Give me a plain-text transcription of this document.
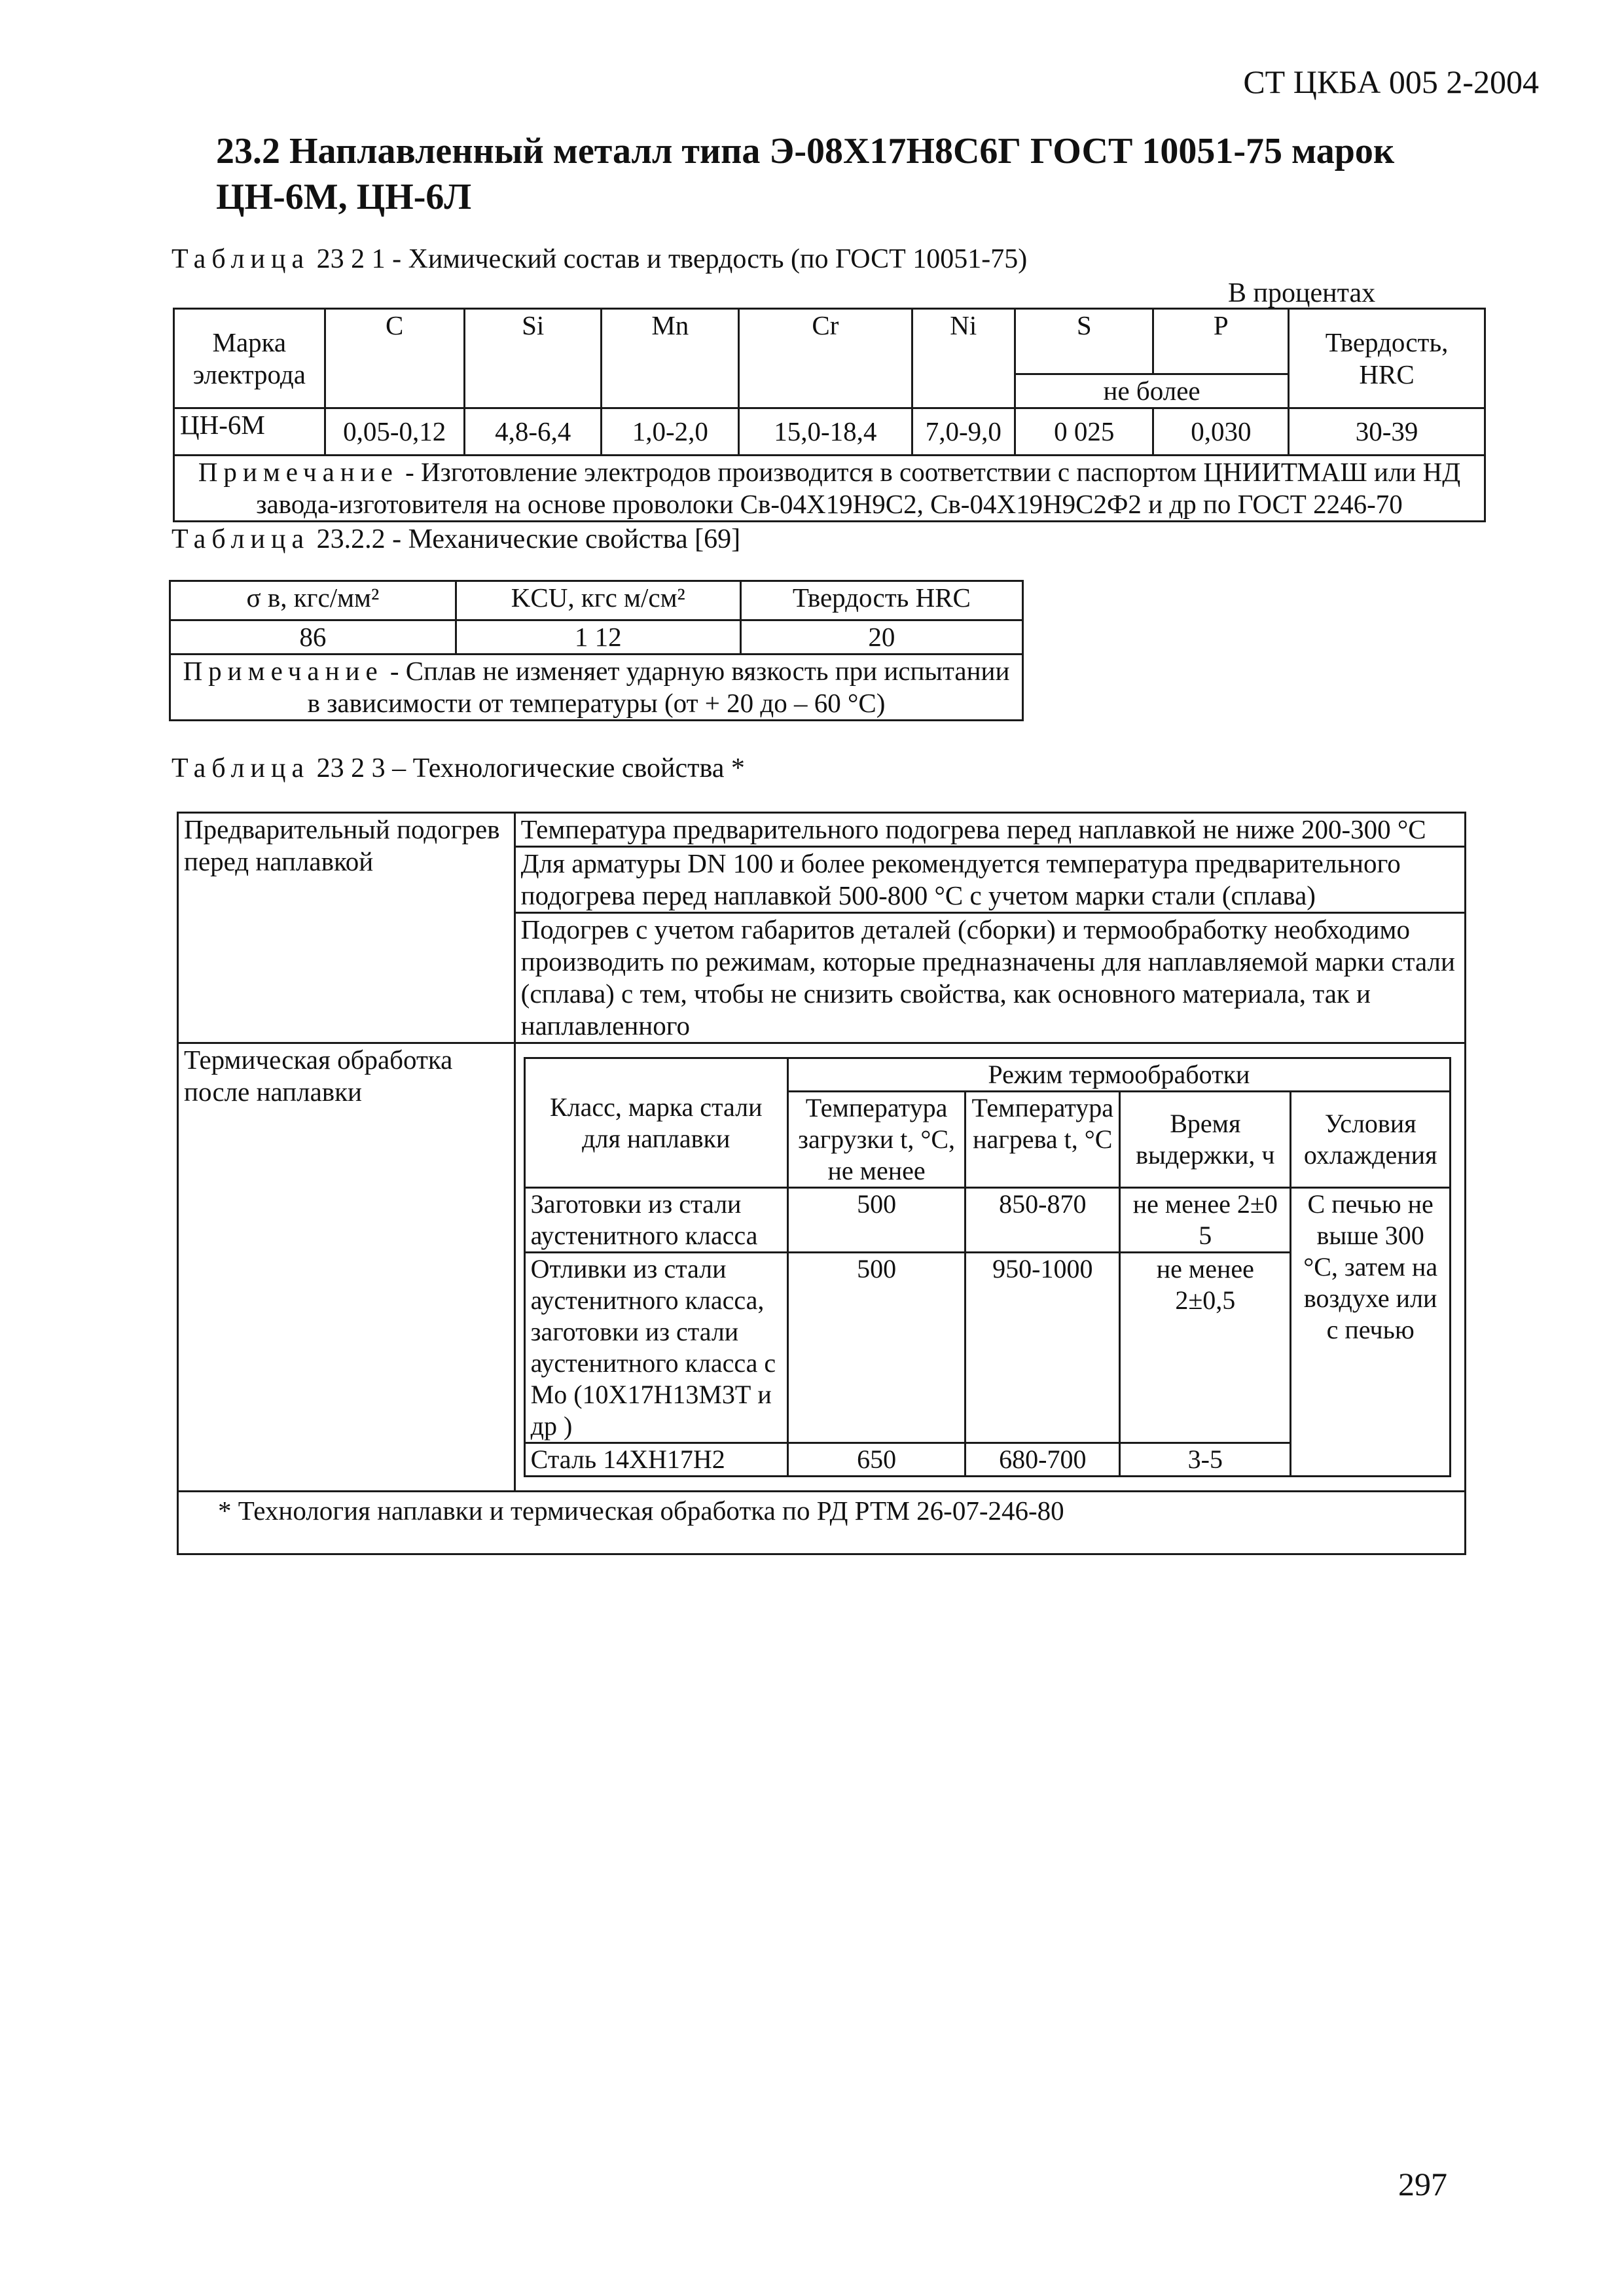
СТ ЦКБА 005 2-2004
23.2 Наплавленный металл типа Э-08Х17Н8С6Г ГОСТ 10051-75 марок ЦН-6М, ЦН-6Л
Таблица 23 2 1 - Химический состав и твердость (по ГОСТ 10051-75)
В процентах
Марка электрода	C	Si	Mn	Cr	Ni	S	P	Твердость, HRC
						не более		
ЦН-6М	0,05-0,12	4,8-6,4	1,0-2,0	15,0-18,4	7,0-9,0	0 025	0,030	30-39
Примечание - Изготовление электродов производится в соответствии с паспортом ЦНИИТМАШ или НД завода-изготовителя на основе проволоки Св-04Х19Н9С2, Св-04Х19Н9С2Ф2 и др по ГОСТ 2246-70								
Таблица 23.2.2 - Механические свойства [69]
σ в, кгс/мм²	KCU, кгс м/см²	Твердость HRC
86	1 12	20
Примечание - Сплав не изменяет ударную вязкость при испытании в зависимости от температуры (от + 20 до – 60 °С)		
Таблица 23 2 3 – Технологические свойства *
Предварительный подогрев перед наплавкой	Температура предварительного подогрева перед наплавкой не ниже 200-300 °С
Для арматуры DN 100 и более рекомендуется температура предварительного подогрева перед наплавкой 500-800 °С с учетом марки стали (сплава)
Подогрев с учетом габаритов деталей (сборки) и термообработку необходимо производить по режимам, которые предназначены для наплавляемой марки стали (сплава) с тем, чтобы не снизить свойства, как основного материала, так и наплавленного
Термическая обработка после наплавки	
	Режим термообработки
Класс, марка стали для наплавки	Температура загрузки t, °С, не менее	Температура нагрева t, °С	Время выдержки, ч	Условия охлаждения
Заготовки из стали аустенитного класса	500	850-870	не менее 2±0 5	С печью не выше 300 °С, затем на воздухе или с печью
Отливки из стали аустенитного класса, заготовки из стали аустенитного класса с Mo (10Х17Н13М3Т и др )	500	950-1000	не менее 2±0,5
Сталь 14ХН17Н2	650	680-700	3-5

* Технология наплавки и термическая обработка по РД РТМ 26-07-246-80
297
